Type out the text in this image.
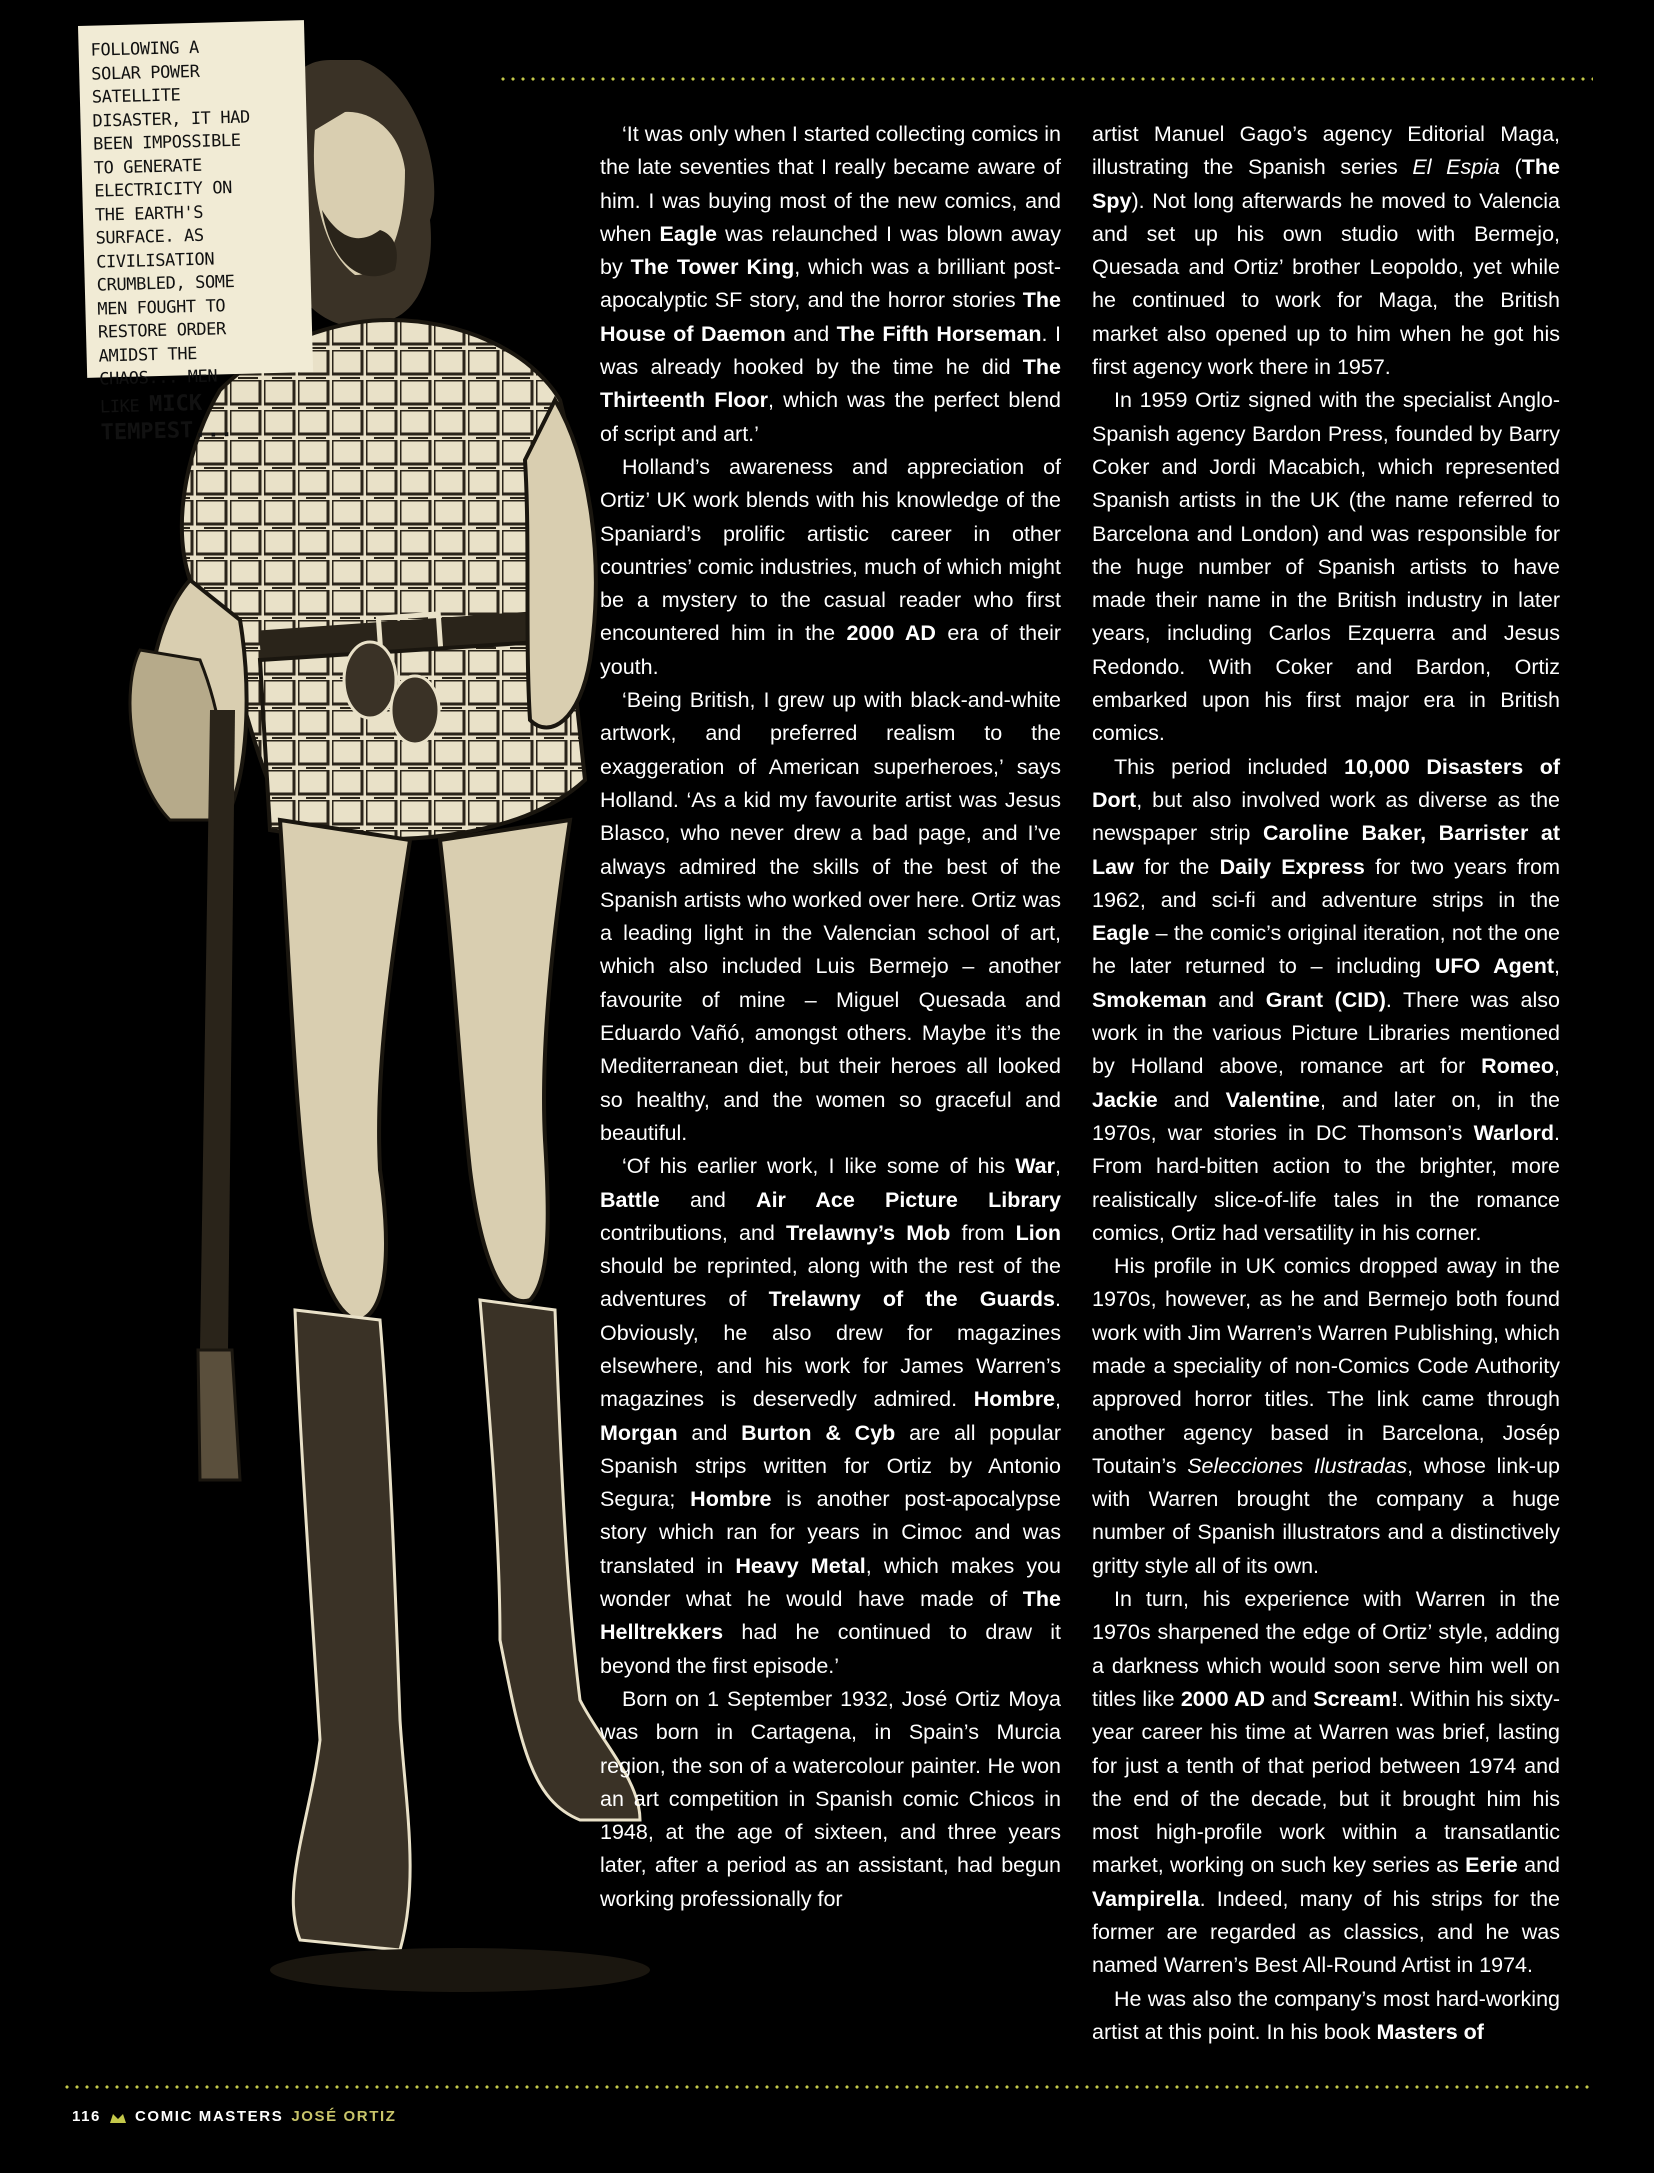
FOLLOWING A
SOLAR POWER
SATELLITE
DISASTER, IT HAD
BEEN IMPOSSIBLE
TO GENERATE
ELECTRICITY ON
THE EARTH'S
SURFACE. AS
CIVILISATION
CRUMBLED, SOME
MEN FOUGHT TO
RESTORE ORDER
AMIDST THE
CHAOS... MEN
LIKE MICK
TEMPEST...

‘It was only when I started collecting comics in the late seventies that I really became aware of him. I was buying most of the new comics, and when Eagle was relaunched I was blown away by The Tower King, which was a brilliant post-apocalyptic SF story, and the horror stories The House of Daemon and The Fifth Horseman. I was already hooked by the time he did The Thirteenth Floor, which was the perfect blend of script and art.’

Holland’s awareness and appreciation of Ortiz’ UK work blends with his knowledge of the Spaniard’s prolific artistic career in other countries’ comic industries, much of which might be a mystery to the casual reader who first encountered him in the 2000 AD era of their youth.

‘Being British, I grew up with black-and-white artwork, and preferred realism to the exaggeration of American superheroes,’ says Holland. ‘As a kid my favourite artist was Jesus Blasco, who never drew a bad page, and I’ve always admired the skills of the best of the Spanish artists who worked over here. Ortiz was a leading light in the Valencian school of art, which also included Luis Bermejo – another favourite of mine – Miguel Quesada and Eduardo Vañó, amongst others. Maybe it’s the Mediterranean diet, but their heroes all looked so healthy, and the women so graceful and beautiful.

‘Of his earlier work, I like some of his War, Battle and Air Ace Picture Library contributions, and Trelawny’s Mob from Lion should be reprinted, along with the rest of the adventures of Trelawny of the Guards. Obviously, he also drew for magazines elsewhere, and his work for James Warren’s magazines is deservedly admired. Hombre, Morgan and Burton & Cyb are all popular Spanish strips written for Ortiz by Antonio Segura; Hombre is another post-apocalypse story which ran for years in Cimoc and was translated in Heavy Metal, which makes you wonder what he would have made of The Helltrekkers had he continued to draw it beyond the first episode.’

Born on 1 September 1932, José Ortiz Moya was born in Cartagena, in Spain’s Murcia region, the son of a watercolour painter. He won an art competition in Spanish comic Chicos in 1948, at the age of sixteen, and three years later, after a period as an assistant, had begun working professionally for

artist Manuel Gago’s agency Editorial Maga, illustrating the Spanish series El Espia (The Spy). Not long afterwards he moved to Valencia and set up his own studio with Bermejo, Quesada and Ortiz’ brother Leopoldo, yet while he continued to work for Maga, the British market also opened up to him when he got his first agency work there in 1957.

In 1959 Ortiz signed with the specialist Anglo-Spanish agency Bardon Press, founded by Barry Coker and Jordi Macabich, which represented Spanish artists in the UK (the name referred to Barcelona and London) and was responsible for the huge number of Spanish artists to have made their name in the British industry in later years, including Carlos Ezquerra and Jesus Redondo. With Coker and Bardon, Ortiz embarked upon his first major era in British comics.

This period included 10,000 Disasters of Dort, but also involved work as diverse as the newspaper strip Caroline Baker, Barrister at Law for the Daily Express for two years from 1962, and sci-fi and adventure strips in the Eagle – the comic’s original iteration, not the one he later returned to – including UFO Agent, Smokeman and Grant (CID). There was also work in the various Picture Libraries mentioned by Holland above, romance art for Romeo, Jackie and Valentine, and later on, in the 1970s, war stories in DC Thomson’s Warlord. From hard-bitten action to the brighter, more realistically slice-of-life tales in the romance comics, Ortiz had versatility in his corner.

His profile in UK comics dropped away in the 1970s, however, as he and Bermejo both found work with Jim Warren’s Warren Publishing, which made a speciality of non-Comics Code Authority approved horror titles. The link came through another agency based in Barcelona, Josép Toutain’s Selecciones Ilustradas, whose link-up with Warren brought the company a huge number of Spanish illustrators and a distinctively gritty style all of its own.

In turn, his experience with Warren in the 1970s sharpened the edge of Ortiz’ style, adding a darkness which would soon serve him well on titles like 2000 AD and Scream!. Within his sixty-year career his time at Warren was brief, lasting for just a tenth of that period between 1974 and the end of the decade, but it brought him his most high-profile work within a transatlantic market, working on such key series as Eerie and Vampirella. Indeed, many of his strips for the former are regarded as classics, and he was named Warren’s Best All-Round Artist in 1974.

He was also the company’s most hard-working artist at this point. In his book Masters of

116 COMIC MASTERS JOSÉ ORTIZ
